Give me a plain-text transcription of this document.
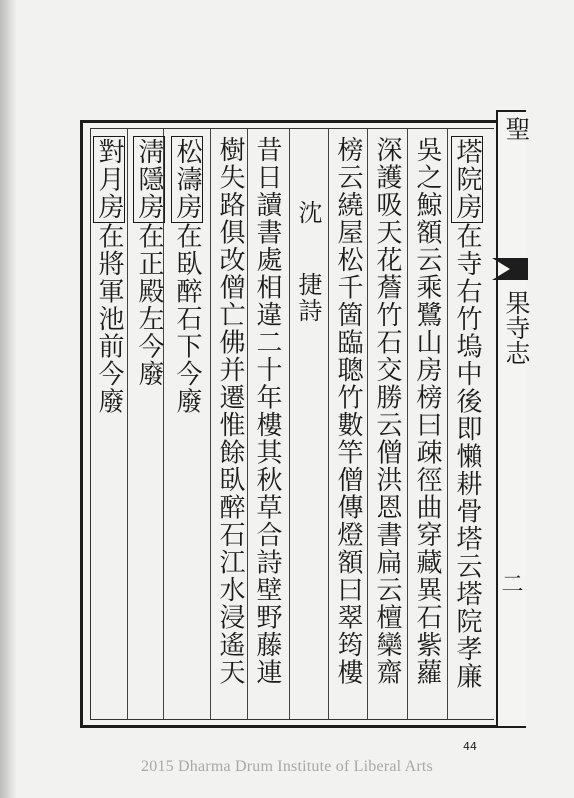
塔院房在寺右竹塢中後即懶耕骨塔云塔院孝廉
吳之鯨額云乘鷺山房榜曰疎徑曲穿藏異石紫蘿
深護吸天花薝竹石交勝云僧洪恩書扁云檀欒齋
榜云繞屋松千箇臨聰竹數竿僧傳燈額曰翠筠樓
沈
捷詩
昔日讀書處相違二十年樓其秋草合詩壁野藤連
樹失路俱改僧亡佛并遷惟餘臥醉石江水浸遙天
松濤房在臥醉石下今廢
淸隱房在正殿左今廢
對月房在將軍池前今廢
聖
果寺志
二
44
2015 Dharma Drum Institute of Liberal Arts
